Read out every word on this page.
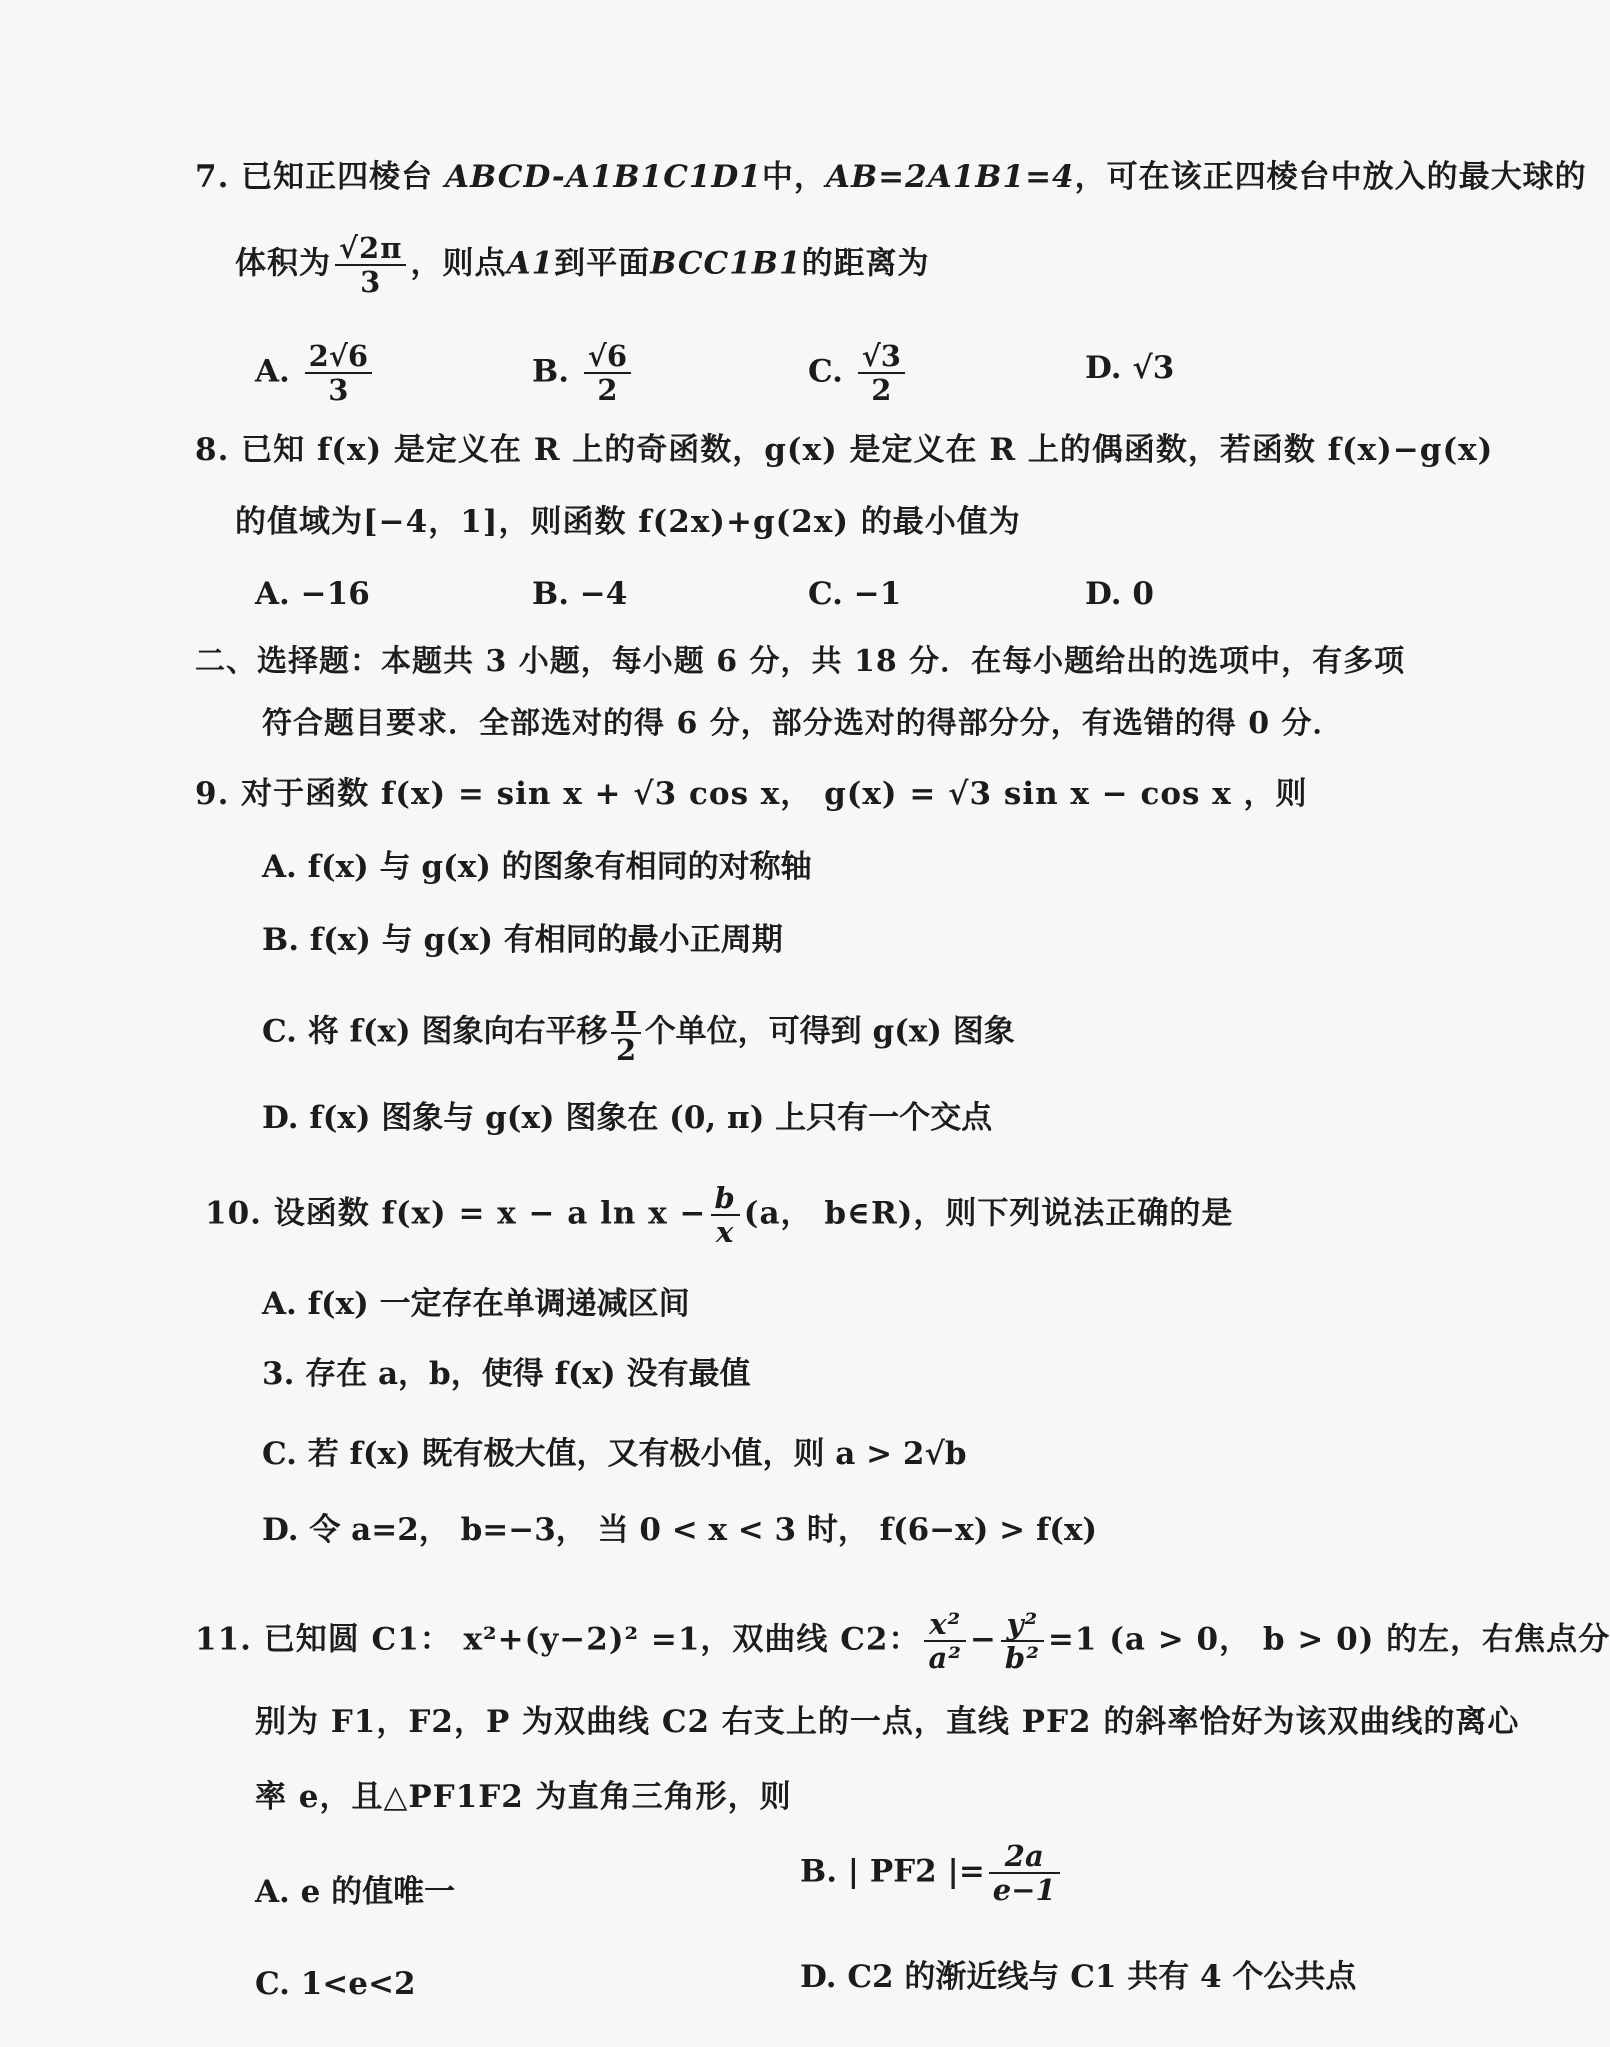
7. 已知正四棱台 ABCD-A1B1C1D1中，AB=2A1B1=4，可在该正四棱台中放入的最大球的
体积为 $\frac{√2\pi}{3}$ ，则点A1到平面BCC1B1的距离为
A. $\frac{2√6}{3}$	B. $\frac{√6}{2}$	C. $\frac{√3}{2}$	D. √3
8. 已知 f(x) 是定义在 R 上的奇函数，g(x) 是定义在 R 上的偶函数，若函数 f(x)−g(x)
的值域为[−4，1]，则函数 f(2x)+g(2x) 的最小值为
A. −16	B. −4	C. −1	D. 0
二、选择题：本题共 3 小题，每小题 6 分，共 18 分．在每小题给出的选项中，有多项
符合题目要求．全部选对的得 6 分，部分选对的得部分分，有选错的得 0 分．
9. 对于函数 f(x) = sin x + √3 cos x， g(x) = √3 sin x − cos x ，则
A. f(x) 与 g(x) 的图象有相同的对称轴
B. f(x) 与 g(x) 有相同的最小正周期
C. 将 f(x) 图象向右平移 $\frac{\pi}{2}$ 个单位，可得到 g(x) 图象
D. f(x) 图象与 g(x) 图象在 (0, π) 上只有一个交点
10. 设函数 f(x) = x − a $\ln x - \frac{b}{x} (a$， b∈R)，则下列说法正确的是
A. f(x) 一定存在单调递减区间
3. 存在 a，b，使得 f(x) 没有最值
C. 若 f(x) 既有极大值，又有极小值，则 a > 2√b
D. 令 a=2， b=−3， 当 0 < x < 3 时， f(6−x) > f(x)
11. 已知圆 C1： x²+(y−2)² =1，双曲线 C2： $\frac{\text{x²}}{\text{a²}} - \frac{\text{y²}}{\text{b²}} =1$ (a > 0， b > 0) 的左，右焦点分
别为 F1，F2，P 为双曲线 C2 右支上的一点，直线 PF2 的斜率恰好为该双曲线的离心
率 e，且△PF1F2 为直角三角形，则
A. e 的值唯一
B. | PF2 |= $\frac{2a}{e-1}$
C. 1<e<2	D. C2 的渐近线与 C1 共有 4 个公共点
